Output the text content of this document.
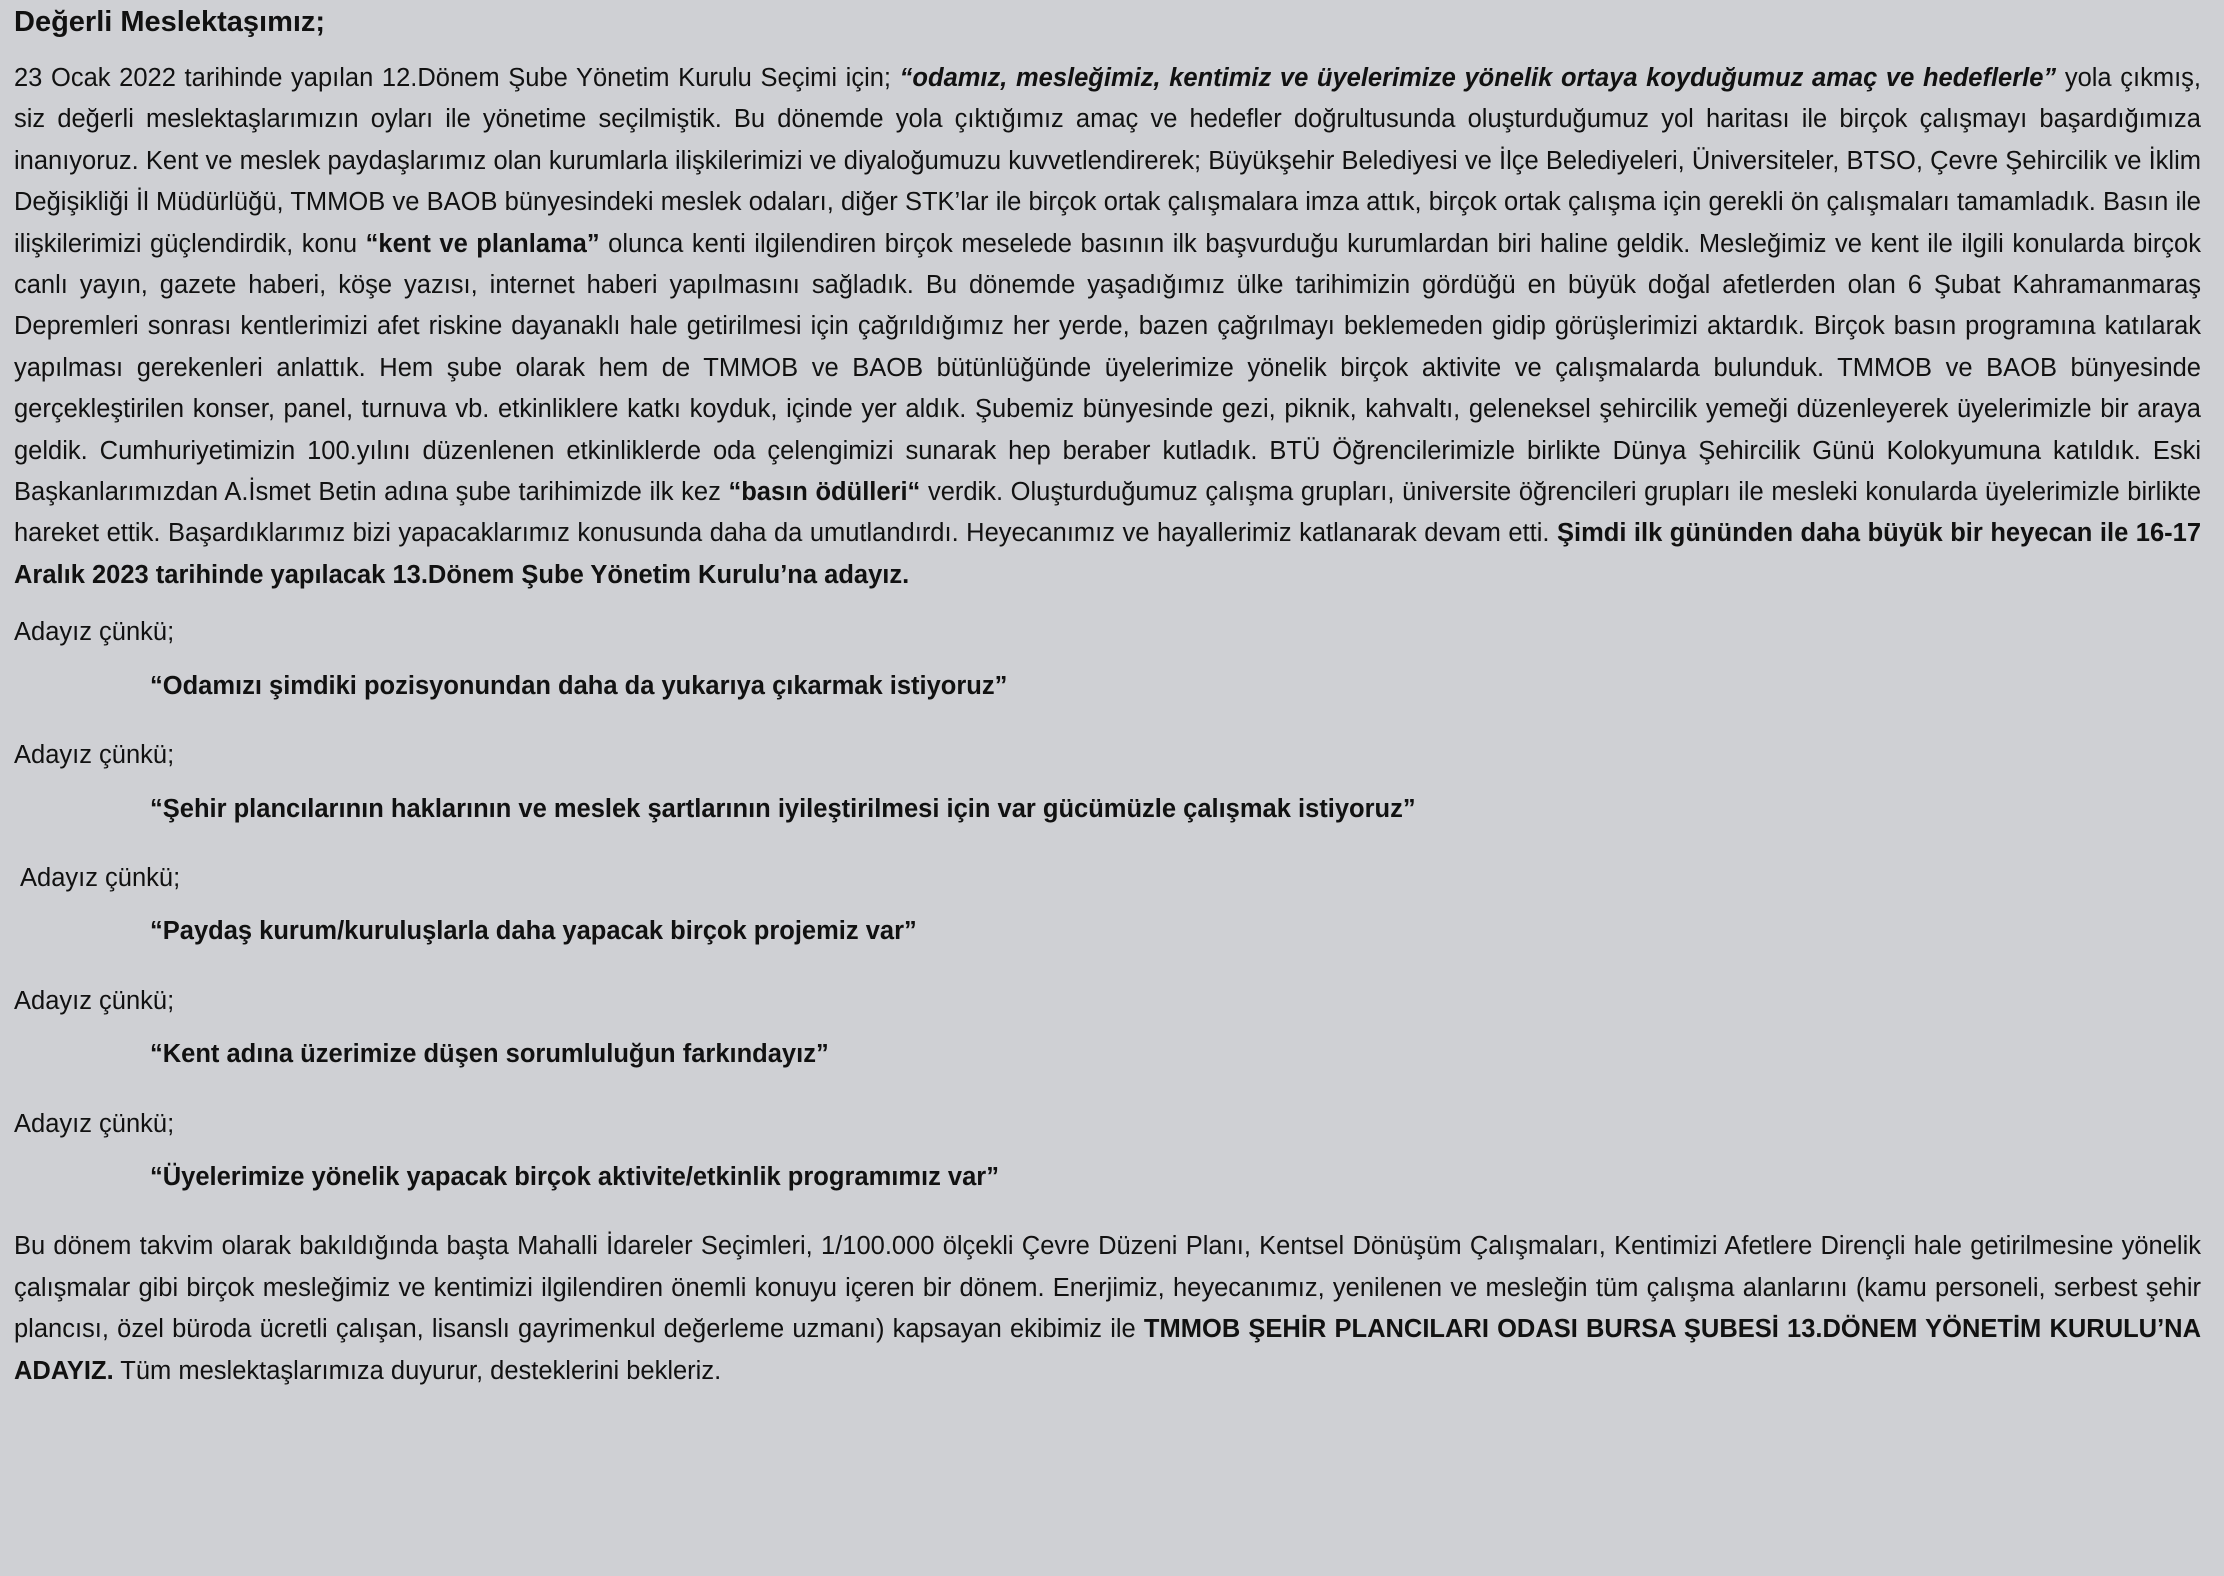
Değerli Meslektaşımız;

23 Ocak 2022 tarihinde yapılan 12.Dönem Şube Yönetim Kurulu Seçimi için; “odamız, mesleğimiz, kentimiz ve üyelerimize yönelik ortaya koyduğumuz amaç ve hedeflerle” yola çıkmış, siz değerli meslektaşlarımızın oyları ile yönetime seçilmiştik. Bu dönemde yola çıktığımız amaç ve hedefler doğrultusunda oluşturduğumuz yol haritası ile birçok çalışmayı başardığımıza inanıyoruz. Kent ve meslek paydaşlarımız olan kurumlarla ilişkilerimizi ve diyaloğumuzu kuvvetlendirerek; Büyükşehir Belediyesi ve İlçe Belediyeleri, Üniversiteler, BTSO, Çevre Şehircilik ve İklim Değişikliği İl Müdürlüğü, TMMOB ve BAOB bünyesindeki meslek odaları, diğer STK’lar ile birçok ortak çalışmalara imza attık, birçok ortak çalışma için gerekli ön çalışmaları tamamladık. Basın ile ilişkilerimizi güçlendirdik, konu “kent ve planlama” olunca kenti ilgilendiren birçok meselede basının ilk başvurduğu kurumlardan biri haline geldik. Mesleğimiz ve kent ile ilgili konularda birçok canlı yayın, gazete haberi, köşe yazısı, internet haberi yapılmasını sağladık. Bu dönemde yaşadığımız ülke tarihimizin gördüğü en büyük doğal afetlerden olan 6 Şubat Kahramanmaraş Depremleri sonrası kentlerimizi afet riskine dayanaklı hale getirilmesi için çağrıldığımız her yerde, bazen çağrılmayı beklemeden gidip görüşlerimizi aktardık. Birçok basın programına katılarak yapılması gerekenleri anlattık. Hem şube olarak hem de TMMOB ve BAOB bütünlüğünde üyelerimize yönelik birçok aktivite ve çalışmalarda bulunduk. TMMOB ve BAOB bünyesinde gerçekleştirilen konser, panel, turnuva vb. etkinliklere katkı koyduk, içinde yer aldık. Şubemiz bünyesinde gezi, piknik, kahvaltı, geleneksel şehircilik yemeği düzenleyerek üyelerimizle bir araya geldik. Cumhuriyetimizin 100.yılını düzenlenen etkinliklerde oda çelengimizi sunarak hep beraber kutladık. BTÜ Öğrencilerimizle birlikte Dünya Şehircilik Günü Kolokyumuna katıldık. Eski Başkanlarımızdan A.İsmet Betin adına şube tarihimizde ilk kez “basın ödülleri“ verdik. Oluşturduğumuz çalışma grupları, üniversite öğrencileri grupları ile mesleki konularda üyelerimizle birlikte hareket ettik. Başardıklarımız bizi yapacaklarımız konusunda daha da umutlandırdı. Heyecanımız ve hayallerimiz katlanarak devam etti. Şimdi ilk gününden daha büyük bir heyecan ile 16-17 Aralık 2023 tarihinde yapılacak 13.Dönem Şube Yönetim Kurulu’na adayız.

Adayız çünkü;

“Odamızı şimdiki pozisyonundan daha da yukarıya çıkarmak istiyoruz”

Adayız çünkü;

“Şehir plancılarının haklarının ve meslek şartlarının iyileştirilmesi için var gücümüzle çalışmak istiyoruz”

Adayız çünkü;

“Paydaş kurum/kuruluşlarla daha yapacak birçok projemiz var”

Adayız çünkü;

“Kent adına üzerimize düşen sorumluluğun farkındayız”

Adayız çünkü;

“Üyelerimize yönelik yapacak birçok aktivite/etkinlik programımız var”

Bu dönem takvim olarak bakıldığında başta Mahalli İdareler Seçimleri, 1/100.000 ölçekli Çevre Düzeni Planı, Kentsel Dönüşüm Çalışmaları, Kentimizi Afetlere Dirençli hale getirilmesine yönelik çalışmalar gibi birçok mesleğimiz ve kentimizi ilgilendiren önemli konuyu içeren bir dönem. Enerjimiz, heyecanımız, yenilenen ve mesleğin tüm çalışma alanlarını (kamu personeli, serbest şehir plancısı, özel büroda ücretli çalışan, lisanslı gayrimenkul değerleme uzmanı) kapsayan ekibimiz ile TMMOB ŞEHİR PLANCILARI ODASI BURSA ŞUBESİ 13.DÖNEM YÖNETİM KURULU’NA ADAYIZ. Tüm meslektaşlarımıza duyurur, desteklerini bekleriz.
